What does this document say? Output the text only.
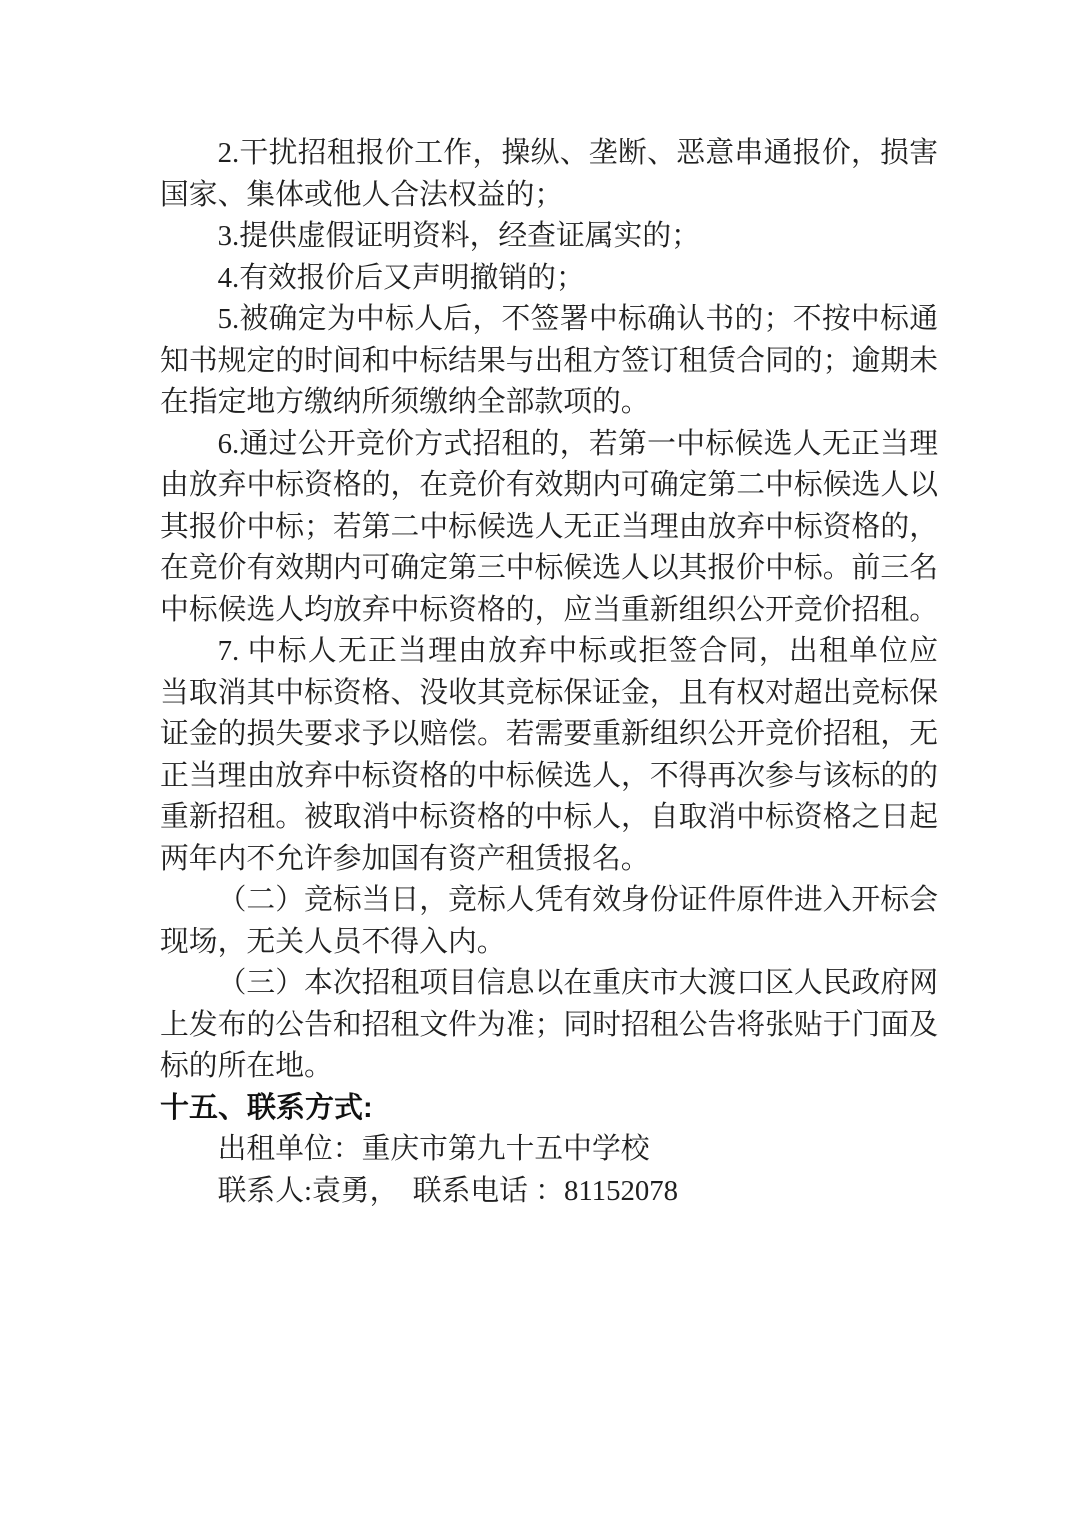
2.干扰招租报价工作，操纵、垄断、恶意串通报价，损害
国家、集体或他人合法权益的；
3.提供虚假证明资料，经查证属实的；
4.有效报价后又声明撤销的；
5.被确定为中标人后，不签署中标确认书的；不按中标通
知书规定的时间和中标结果与出租方签订租赁合同的；逾期未
在指定地方缴纳所须缴纳全部款项的。
6.通过公开竞价方式招租的，若第一中标候选人无正当理
由放弃中标资格的，在竞价有效期内可确定第二中标候选人以
其报价中标；若第二中标候选人无正当理由放弃中标资格的，
在竞价有效期内可确定第三中标候选人以其报价中标。前三名
中标候选人均放弃中标资格的，应当重新组织公开竞价招租。
7. 中标人无正当理由放弃中标或拒签合同，出租单位应
当取消其中标资格、没收其竞标保证金，且有权对超出竞标保
证金的损失要求予以赔偿。若需要重新组织公开竞价招租，无
正当理由放弃中标资格的中标候选人，不得再次参与该标的的
重新招租。被取消中标资格的中标人，自取消中标资格之日起
两年内不允许参加国有资产租赁报名。
（二）竞标当日，竞标人凭有效身份证件原件进入开标会
现场，无关人员不得入内。
（三）本次招租项目信息以在重庆市大渡口区人民政府网
上发布的公告和招租文件为准；同时招租公告将张贴于门面及
标的所在地。
十五、联系方式:
出租单位：重庆市第九十五中学校
联系人:袁勇，　联系电话 ：81152078
